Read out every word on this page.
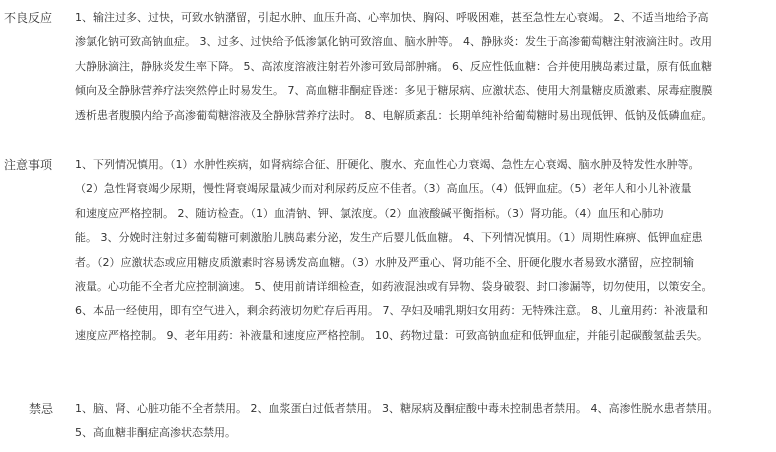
不良反应 1、输注过多、过快，可致水钠潴留，引起水肿、血压升高、心率加快、胸闷、呼吸困难，甚至急性左心衰竭。 2、不适当地给予高
渗氯化钠可致高钠血症。 3、过多、过快给予低渗氯化钠可致溶血、脑水肿等。 4、静脉炎：发生于高渗葡萄糖注射液滴注时。改用
大静脉滴注，静脉炎发生率下降。 5、高浓度溶液注射若外渗可致局部肿痛。 6、反应性低血糖：合并使用胰岛素过量，原有低血糖
倾向及全静脉营养疗法突然停止时易发生。 7、高血糖非酮症昏迷：多见于糖尿病、应激状态、使用大剂量糖皮质激素、尿毒症腹膜
透析患者腹膜内给予高渗葡萄糖溶液及全静脉营养疗法时。 8、电解质紊乱：长期单纯补给葡萄糖时易出现低钾、低钠及低磷血症。
注意事项 1、下列情况慎用。（1）水肿性疾病，如肾病综合征、肝硬化、腹水、充血性心力衰竭、急性左心衰竭、脑水肿及特发性水肿等。
（2）急性肾衰竭少尿期，慢性肾衰竭尿量减少而对利尿药反应不佳者。（3）高血压。（4）低钾血症。（5）老年人和小儿补液量
和速度应严格控制。 2、随访检查。（1）血清钠、钾、氯浓度。（2）血液酸碱平衡指标。（3）肾功能。（4）血压和心肺功
能。 3、分娩时注射过多葡萄糖可刺激胎儿胰岛素分泌，发生产后婴儿低血糖。 4、下列情况慎用。（1）周期性麻痹、低钾血症患
者。（2）应激状态或应用糖皮质激素时容易诱发高血糖。（3）水肿及严重心、肾功能不全、肝硬化腹水者易致水潴留，应控制输
液量。心功能不全者尤应控制滴速。 5、使用前请详细检查，如药液混浊或有异物、袋身破裂、封口渗漏等，切勿使用，以策安全。
6、本品一经使用，即有空气进入，剩余药液切勿贮存后再用。 7、孕妇及哺乳期妇女用药：无特殊注意。 8、儿童用药：补液量和
速度应严格控制。 9、老年用药：补液量和速度应严格控制。 10、药物过量：可致高钠血症和低钾血症，并能引起碳酸氢盐丢失。
禁忌 1、脑、肾、心脏功能不全者禁用。 2、血浆蛋白过低者禁用。 3、糖尿病及酮症酸中毒未控制患者禁用。 4、高渗性脱水患者禁用。
5、高血糖非酮症高渗状态禁用。
